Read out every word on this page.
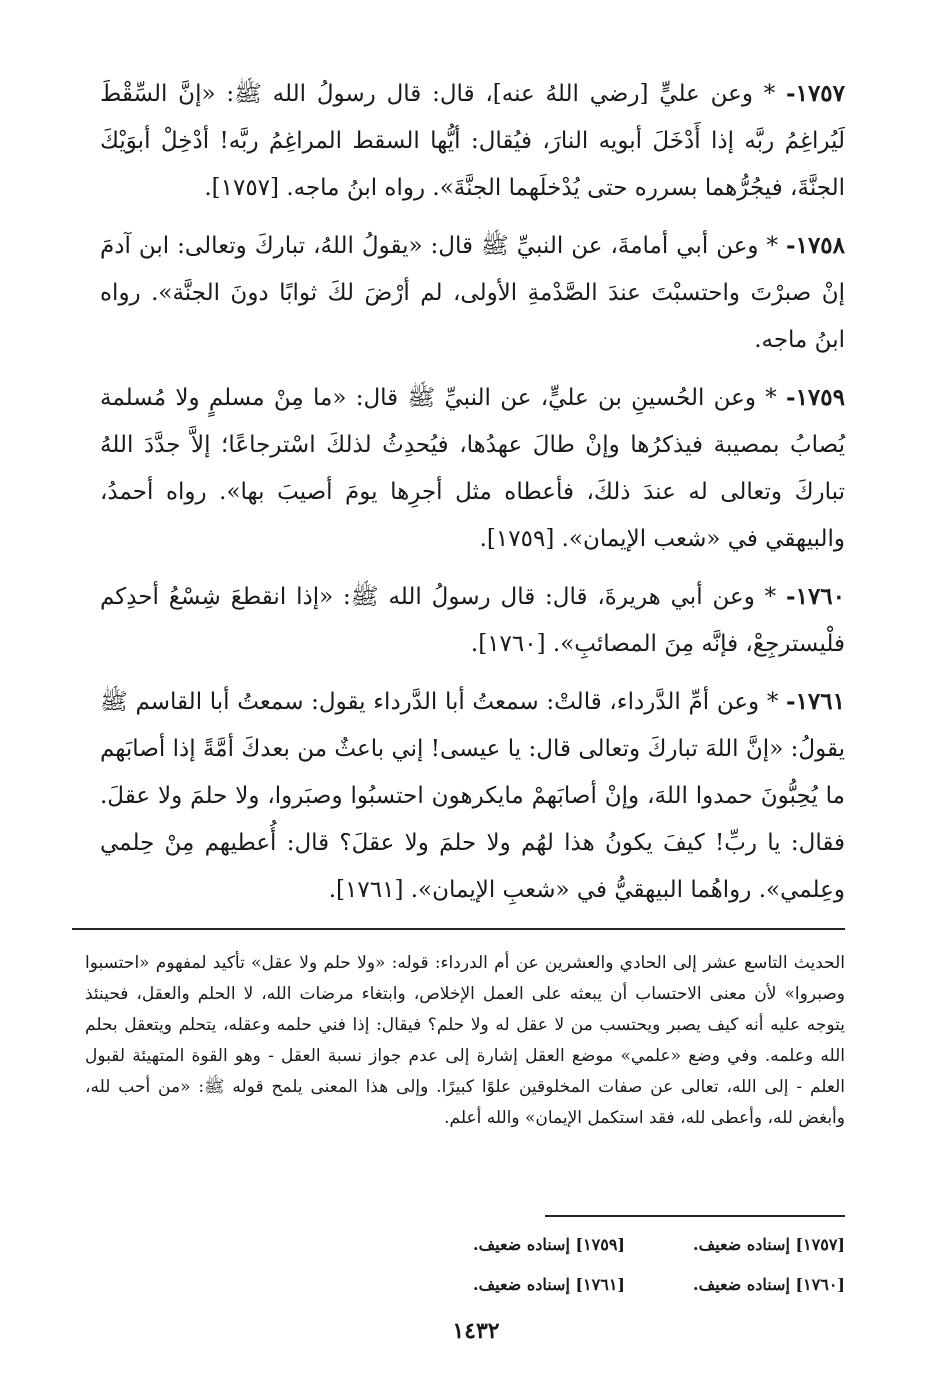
١٧٥٧- * وعن عليٍّ [رضي اللهُ عنه]، قال: قال رسولُ الله ﷺ: «إنَّ السِّقْطَ لَيُراغِمُ ربَّه إذا أَدْخَلَ أبويه النارَ، فيُقال: أيُّها السقط المراغِمُ ربَّه! أدْخِلْ أبوَيْكَ الجنَّةَ، فيجُرُّهما بسرره حتى يُدْخلَهما الجنَّةَ». رواه ابنُ ماجه. [١٧٥٧].

١٧٥٨- * وعن أبي أمامةَ، عن النبيِّ ﷺ قال: «يقولُ اللهُ، تباركَ وتعالى: ابن آدمَ إنْ صبرْتَ واحتسبْتَ عندَ الصَّدْمةِ الأولى، لم أرْضَ لكَ ثوابًا دونَ الجنَّة». رواه ابنُ ماجه.

١٧٥٩- * وعن الحُسينِ بن عليٍّ، عن النبيِّ ﷺ قال: «ما مِنْ مسلمٍ ولا مُسلمة يُصابُ بمصيبة فيذكرُها وإنْ طالَ عهدُها، فيُحدِثُ لذلكَ اسْترجاعًا؛ إلاَّ جدَّدَ اللهُ تباركَ وتعالى له عندَ ذلكَ، فأعطاه مثل أجرِها يومَ أصيبَ بها». رواه أحمدُ، والبيهقي في «شعب الإيمان». [١٧٥٩].

١٧٦٠- * وعن أبي هريرةَ، قال: قال رسولُ الله ﷺ: «إذا انقطعَ شِسْعُ أحدِكم فلْيسترجِعْ، فإنَّه مِنَ المصائبِ». [١٧٦٠].

١٧٦١- * وعن أمِّ الدَّرداء، قالتْ: سمعتُ أبا الدَّرداء يقول: سمعتُ أبا القاسم ﷺ يقولُ: «إنَّ اللهَ تباركَ وتعالى قال: يا عيسى! إني باعثٌ من بعدكَ أمَّةً إذا أصابَهم ما يُحِبُّونَ حمدوا اللهَ، وإنْ أصابَهمْ مايكرهون احتسبُوا وصبَروا، ولا حلمَ ولا عقلَ. فقال: يا ربِّ! كيفَ يكونُ هذا لهُم ولا حلمَ ولا عقلَ؟ قال: أُعطيهم مِنْ حِلمي وعِلمي». رواهُما البيهقيُّ في «شعبِ الإيمان». [١٧٦١].

الحديث التاسع عشر إلى الحادي والعشرين عن أم الدرداء: قوله: «ولا حلم ولا عقل» تأكيد لمفهوم «احتسبوا وصبروا» لأن معنى الاحتساب أن يبعثه على العمل الإخلاص، وابتغاء مرضات الله، لا الحلم والعقل، فحينئذ يتوجه عليه أنه كيف يصبر ويحتسب من لا عقل له ولا حلم؟ فيقال: إذا فني حلمه وعقله، يتحلم ويتعقل بحلم الله وعلمه. وفي وضع «علمي» موضع العقل إشارة إلى عدم جواز نسبة العقل - وهو القوة المتهيئة لقبول العلم - إلى الله، تعالى عن صفات المخلوقين علوًا كبيرًا. وإلى هذا المعنى يلمح قوله ﷺ: «من أحب لله، وأبغض لله، وأعطى لله، فقد استكمل الإيمان» والله أعلم.
[١٧٥٧] إسناده ضعيف.
[١٧٥٩] إسناده ضعيف.
[١٧٦٠] إسناده ضعيف.
[١٧٦١] إسناده ضعيف.
١٤٣٢
